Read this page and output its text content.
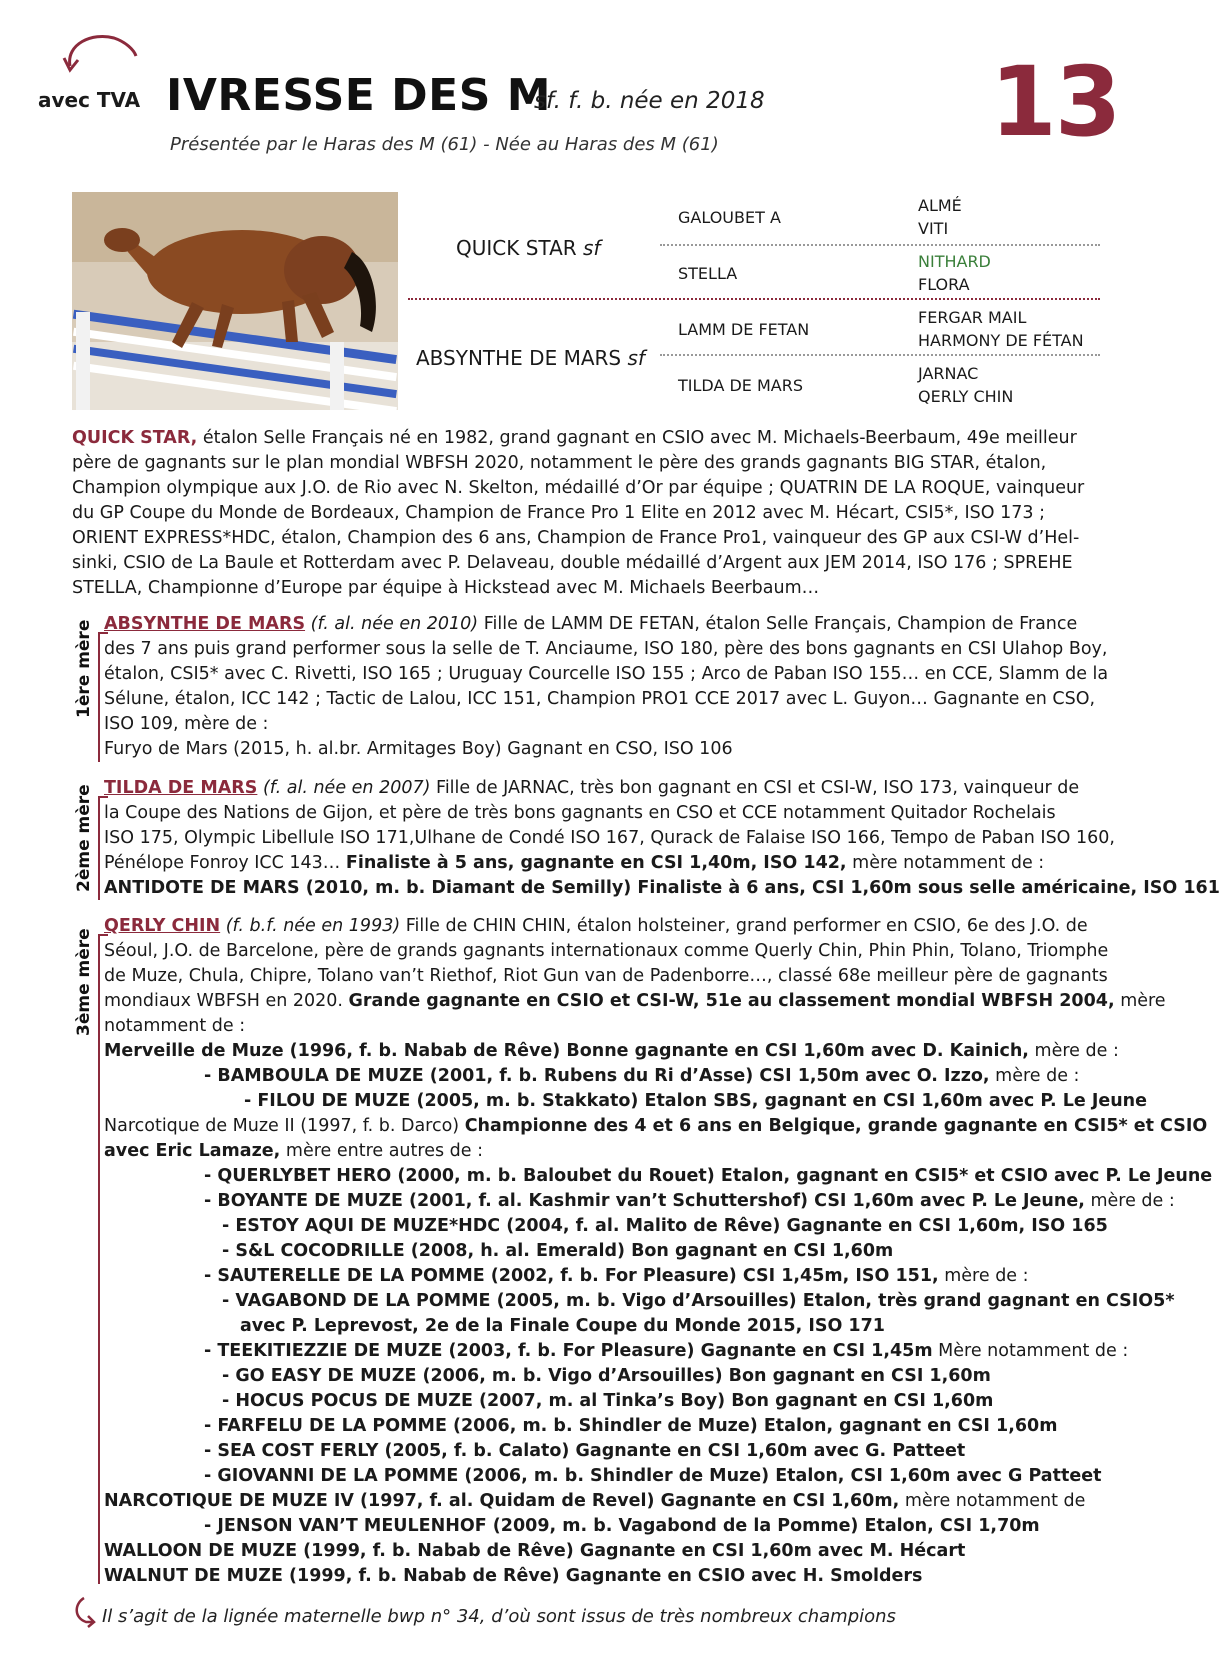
avec TVA IVRESSE DES M
sf. f. b. née en 2018
Présentée par le Haras des M (61) - Née au Haras des M (61)	13
QUICK STAR sf
ABSYNTHE DE MARS sf
GALOUBET A
STELLA
LAMM DE FETAN
TILDA DE MARS
ALMÉ
VITI
NITHARD
FLORA
FERGAR MAIL
HARMONY DE FÉTAN
JARNAC
QERLY CHIN
QUICK STAR, étalon Selle Français né en 1982, grand gagnant en CSIO avec M. Michaels-Beerbaum, 49e meilleur
père de gagnants sur le plan mondial WBFSH 2020, notamment le père des grands gagnants BIG STAR, étalon,
Champion olympique aux J.O. de Rio avec N. Skelton, médaillé d’Or par équipe ; QUATRIN DE LA ROQUE, vainqueur
du GP Coupe du Monde de Bordeaux, Champion de France Pro 1 Elite en 2012 avec M. Hécart, CSI5*, ISO 173 ;
ORIENT EXPRESS*HDC, étalon, Champion des 6 ans, Champion de France Pro1, vainqueur des GP aux CSI-W d’Hel-
sinki, CSIO de La Baule et Rotterdam avec P. Delaveau, double médaillé d’Argent aux JEM 2014, ISO 176 ; SPREHE
STELLA, Championne d’Europe par équipe à Hickstead avec M. Michaels Beerbaum…
1ère mère ABSYNTHE DE MARS (f. al. née en 2010) Fille de LAMM DE FETAN, étalon Selle Français, Champion de France
des 7 ans puis grand performer sous la selle de T. Anciaume, ISO 180, père des bons gagnants en CSI Ulahop Boy,
étalon, CSI5* avec C. Rivetti, ISO 165 ; Uruguay Courcelle ISO 155 ; Arco de Paban ISO 155… en CCE, Slamm de la
Sélune, étalon, ICC 142 ; Tactic de Lalou, ICC 151, Champion PRO1 CCE 2017 avec L. Guyon… Gagnante en CSO,
ISO 109, mère de :
Furyo de Mars (2015, h. al.br. Armitages Boy) Gagnant en CSO, ISO 106
2ème mère TILDA DE MARS (f. al. née en 2007) Fille de JARNAC, très bon gagnant en CSI et CSI-W, ISO 173, vainqueur de
la Coupe des Nations de Gijon, et père de très bons gagnants en CSO et CCE notamment Quitador Rochelais
ISO 175, Olympic Libellule ISO 171,Ulhane de Condé ISO 167, Qurack de Falaise ISO 166, Tempo de Paban ISO 160,
Pénélope Fonroy ICC 143… Finaliste à 5 ans, gagnante en CSI 1,40m, ISO 142, mère notamment de :
ANTIDOTE DE MARS (2010, m. b. Diamant de Semilly) Finaliste à 6 ans, CSI 1,60m sous selle américaine, ISO 161
3ème mère
QERLY CHIN (f. b.f. née en 1993) Fille de CHIN CHIN, étalon holsteiner, grand performer en CSIO, 6e des J.O. de
Séoul, J.O. de Barcelone, père de grands gagnants internationaux comme Querly Chin, Phin Phin, Tolano, Triomphe
de Muze, Chula, Chipre, Tolano van’t Riethof, Riot Gun van de Padenborre…, classé 68e meilleur père de gagnants
mondiaux WBFSH en 2020. Grande gagnante en CSIO et CSI-W, 51e au classement mondial WBFSH 2004, mère
notamment de :
Merveille de Muze (1996, f. b. Nabab de Rêve) Bonne gagnante en CSI 1,60m avec D. Kainich, mère de :
- BAMBOULA DE MUZE (2001, f. b. Rubens du Ri d’Asse) CSI 1,50m avec O. Izzo, mère de :
- FILOU DE MUZE (2005, m. b. Stakkato) Etalon SBS, gagnant en CSI 1,60m avec P. Le Jeune
Narcotique de Muze II (1997, f. b. Darco) Championne des 4 et 6 ans en Belgique, grande gagnante en CSI5* et CSIO
avec Eric Lamaze, mère entre autres de :
- QUERLYBET HERO (2000, m. b. Baloubet du Rouet) Etalon, gagnant en CSI5* et CSIO avec P. Le Jeune
- BOYANTE DE MUZE (2001, f. al. Kashmir van’t Schuttershof) CSI 1,60m avec P. Le Jeune, mère de :
- ESTOY AQUI DE MUZE*HDC (2004, f. al. Malito de Rêve) Gagnante en CSI 1,60m, ISO 165
- S&L COCODRILLE (2008, h. al. Emerald) Bon gagnant en CSI 1,60m
- SAUTERELLE DE LA POMME (2002, f. b. For Pleasure) CSI 1,45m, ISO 151, mère de :
- VAGABOND DE LA POMME (2005, m. b. Vigo d’Arsouilles) Etalon, très grand gagnant en CSIO5*
avec P. Leprevost, 2e de la Finale Coupe du Monde 2015, ISO 171
- TEEKITIEZZIE DE MUZE (2003, f. b. For Pleasure) Gagnante en CSI 1,45m Mère notamment de :
- GO EASY DE MUZE (2006, m. b. Vigo d’Arsouilles) Bon gagnant en CSI 1,60m
- HOCUS POCUS DE MUZE (2007, m. al Tinka’s Boy) Bon gagnant en CSI 1,60m
- FARFELU DE LA POMME (2006, m. b. Shindler de Muze) Etalon, gagnant en CSI 1,60m
- SEA COST FERLY (2005, f. b. Calato) Gagnante en CSI 1,60m avec G. Patteet
- GIOVANNI DE LA POMME (2006, m. b. Shindler de Muze) Etalon, CSI 1,60m avec G Patteet
NARCOTIQUE DE MUZE IV (1997, f. al. Quidam de Revel) Gagnante en CSI 1,60m, mère notamment de
- JENSON VAN’T MEULENHOF (2009, m. b. Vagabond de la Pomme) Etalon, CSI 1,70m
WALLOON DE MUZE (1999, f. b. Nabab de Rêve) Gagnante en CSI 1,60m avec M. Hécart
WALNUT DE MUZE (1999, f. b. Nabab de Rêve) Gagnante en CSIO avec H. Smolders
Il s’agit de la lignée maternelle bwp n° 34, d’où sont issus de très nombreux champions
